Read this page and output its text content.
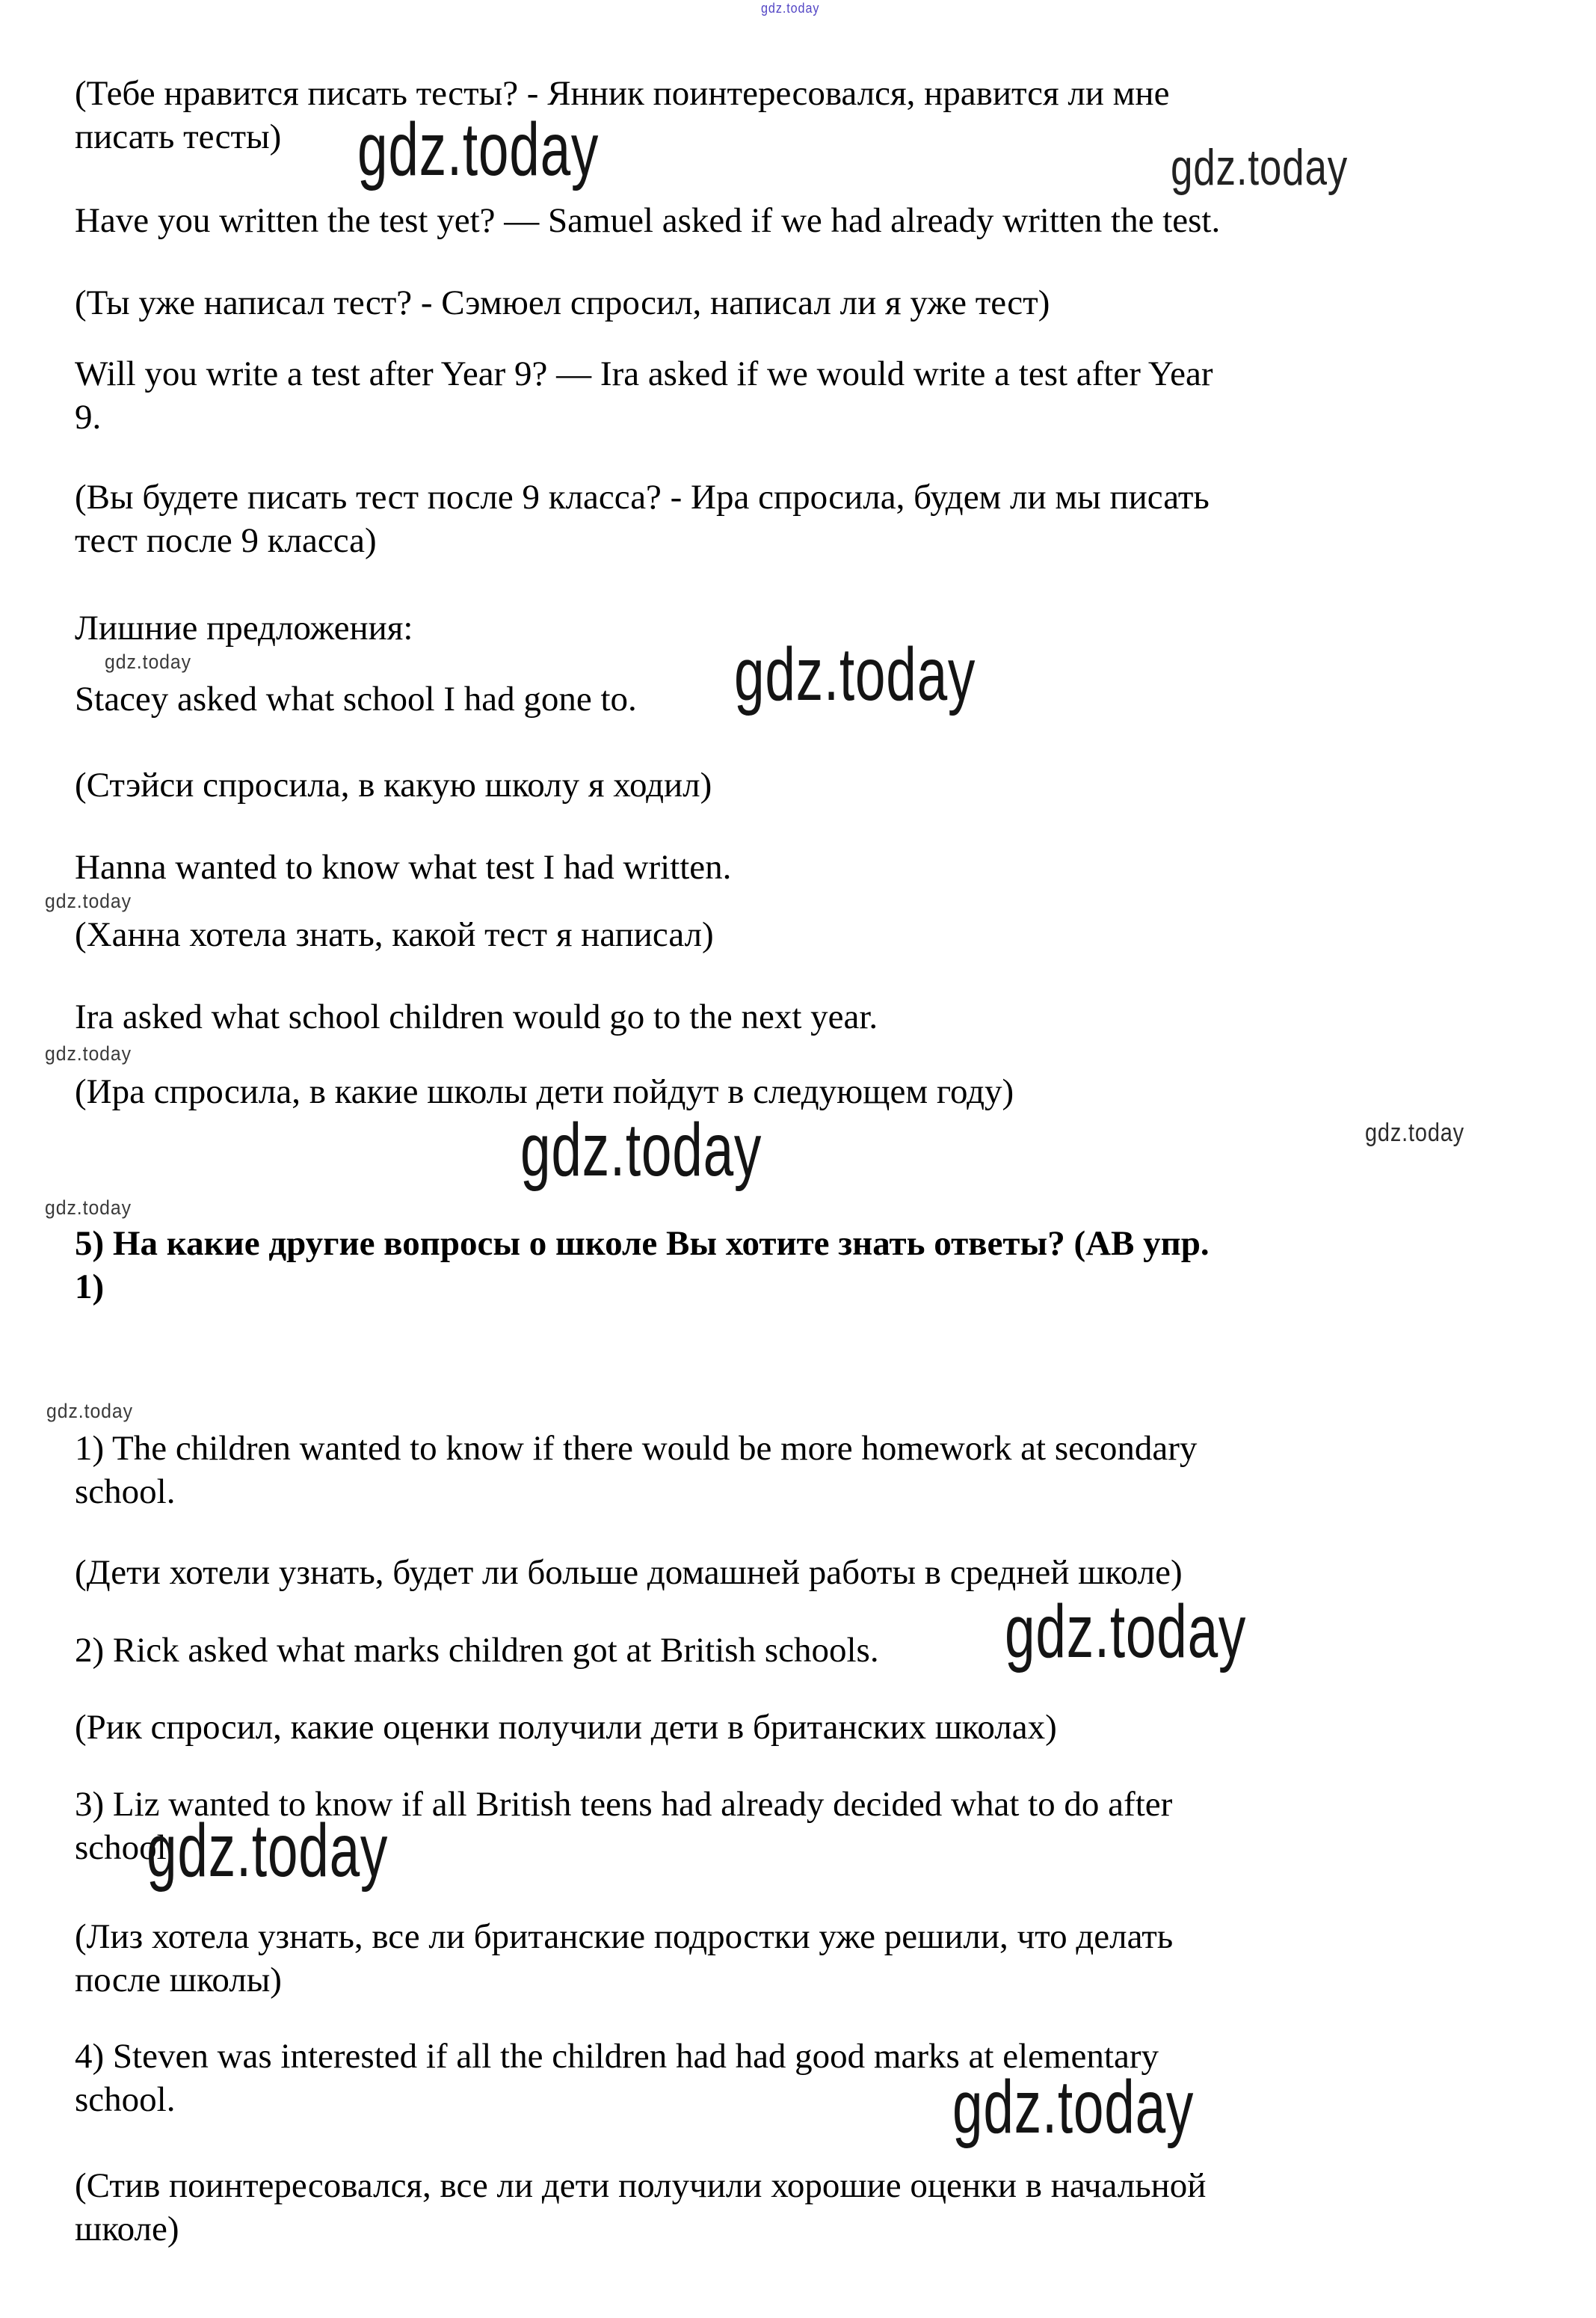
(Тебе нравится писать тесты? - Янник поинтересовался, нравится ли мне
писать тесты)
Have you written the test yet? — Samuel asked if we had already written the test.
(Ты уже написал тест? - Сэмюел спросил, написал ли я уже тест)
Will you write a test after Year 9? — Ira asked if we would write a test after Year
9.
(Вы будете писать тест после 9 класса? - Ира спросила, будем ли мы писать
тест после 9 класса)
Лишние предложения:
Stacey asked what school I had gone to.
(Стэйси спросила, в какую школу я ходил)
Hanna wanted to know what test I had written.
(Ханна хотела знать, какой тест я написал)
Ira asked what school children would go to the next year.
(Ира спросила, в какие школы дети пойдут в следующем году)
5) На какие другие вопросы о школе Вы хотите знать ответы? (АВ упр.
1)
1) The children wanted to know if there would be more homework at secondary
school.
(Дети хотели узнать, будет ли больше домашней работы в средней школе)
2) Rick asked what marks children got at British schools.
(Рик спросил, какие оценки получили дети в британских школах)
3) Liz wanted to know if all British teens had already decided what to do after
school.
(Лиз хотела узнать, все ли британские подростки уже решили, что делать
после школы)
4) Steven was interested if all the children had had good marks at elementary
school.
(Стив поинтересовался, все ли дети получили хорошие оценки в начальной
школе)
gdz.today
gdz.today	gdz.today
gdz.today	gdz.today
gdz.today
gdz.today
gdz.today	gdz.today
gdz.today
gdz.today
gdz.today
gdz.today
gdz.today
